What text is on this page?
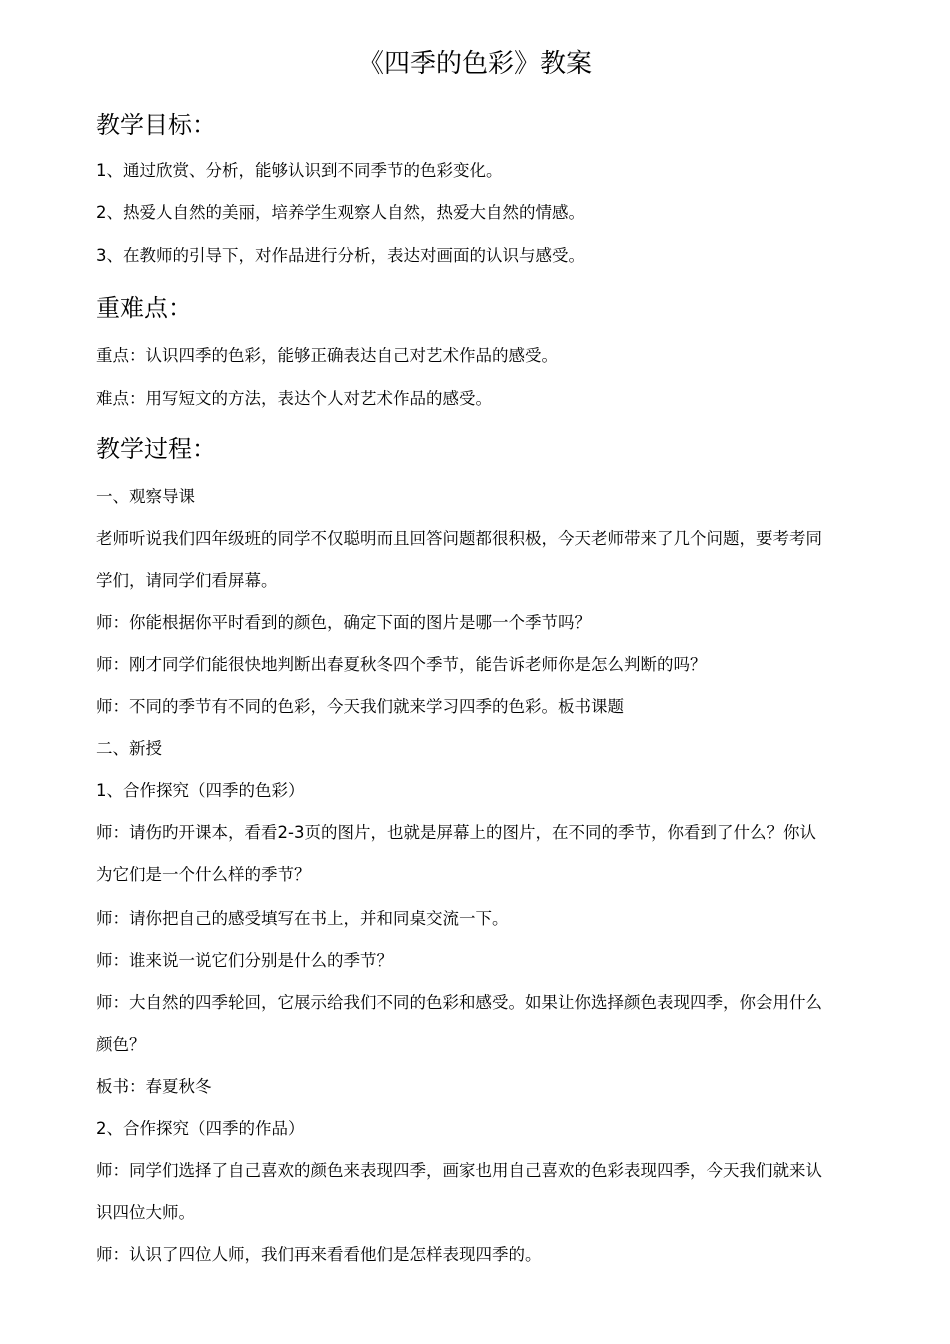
《四季的色彩》教案
教学目标：
1、通过欣赏、分析，能够认识到不同季节的色彩变化。
2、热爱人自然的美丽，培养学生观察人自然，热爱大自然的情感。
3、在教师的引导下，对作品进行分析，表达对画面的认识与感受。
重难点：
重点：认识四季的色彩，能够正确表达自己对艺术作品的感受。
难点：用写短文的方法，表达个人对艺术作品的感受。
教学过程：
一、观察导课
老师听说我们四年级班的同学不仅聪明而且回答问题都很积极，今天老师带来了几个问题，要考考同学们，请同学们看屏幕。
师：你能根据你平时看到的颜色，确定下面的图片是哪一个季节吗？
师：刚才同学们能很快地判断出春夏秋冬四个季节，能告诉老师你是怎么判断的吗？
师：不同的季节有不同的色彩，今天我们就来学习四季的色彩。板书课题
二、新授
1、合作探究（四季的色彩）
师：请伤旳开课本，看看2-3页的图片，也就是屏幕上的图片，在不同的季节，你看到了什么？你认为它们是一个什么样的季节？
师：请你把自己的感受填写在书上，并和同桌交流一下。
师：谁来说一说它们分别是什么的季节？
师：大自然的四季轮回，它展示给我们不同的色彩和感受。如果让你选择颜色表现四季，你会用什么颜色？
板书：春夏秋冬
2、合作探究（四季的作品）
师：同学们选择了自己喜欢的颜色来表现四季，画家也用自己喜欢的色彩表现四季，今天我们就来认识四位大师。
师：认识了四位人师，我们再来看看他们是怎样表现四季的。
